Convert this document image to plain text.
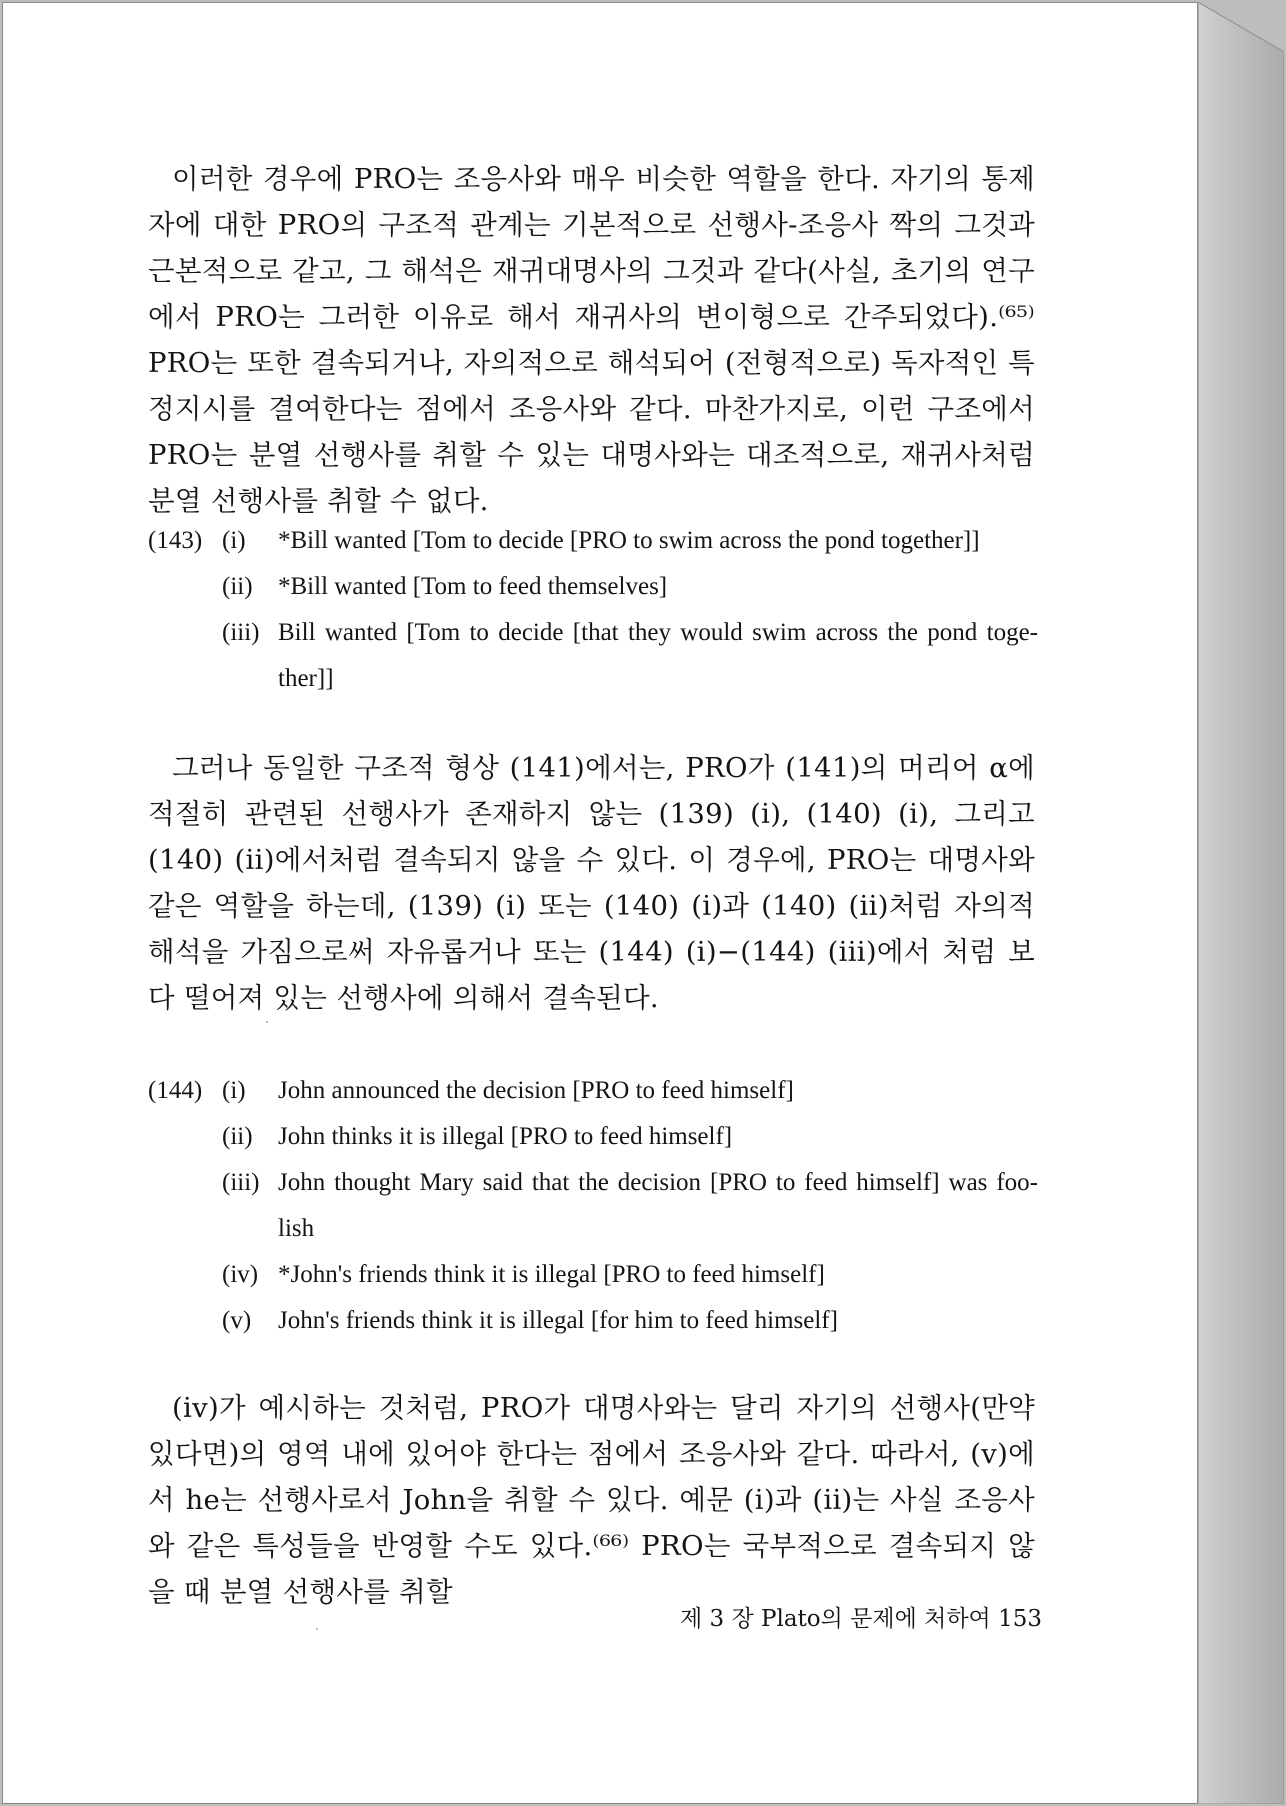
이러한 경우에 PRO는 조응사와 매우 비슷한 역할을 한다. 자기의 통제자에 대한 PRO의 구조적 관계는 기본적으로 선행사-조응사 짝의 그것과 근본적으로 같고, 그 해석은 재귀대명사의 그것과 같다(사실, 초기의 연구에서 PRO는 그러한 이유로 해서 재귀사의 변이형으로 간주되었다).⁽⁶⁵⁾ PRO는 또한 결속되거나, 자의적으로 해석되어 (전형적으로) 독자적인 특정지시를 결여한다는 점에서 조응사와 같다. 마찬가지로, 이런 구조에서 PRO는 분열 선행사를 취할 수 있는 대명사와는 대조적으로, 재귀사처럼 분열 선행사를 취할 수 없다.

(143) (i)	*Bill wanted [Tom to decide [PRO to swim across the pond together]]
(ii)	*Bill wanted [Tom to feed themselves]
(iii) Bill wanted [Tom to decide [that they would swim across the pond toge-ther]]

그러나 동일한 구조적 형상 (141)에서는, PRO가 (141)의 머리어 α에 적절히 관련된 선행사가 존재하지 않는 (139) (i), (140) (i), 그리고 (140) (ii)에서처럼 결속되지 않을 수 있다. 이 경우에, PRO는 대명사와 같은 역할을 하는데, (139) (i) 또는 (140) (i)과 (140) (ii)처럼 자의적 해석을 가짐으로써 자유롭거나 또는 (144) (i)−(144) (iii)에서 처럼 보다 떨어져 있는 선행사에 의해서 결속된다.

(144) (i)	John announced the decision [PRO to feed himself]
(ii)	John thinks it is illegal [PRO to feed himself]
(iii) John thought Mary said that the decision [PRO to feed himself] was foo-lish
(iv) *John's friends think it is illegal [PRO to feed himself]
(v)	John's friends think it is illegal [for him to feed himself]

(iv)가 예시하는 것처럼, PRO가 대명사와는 달리 자기의 선행사(만약 있다면)의 영역 내에 있어야 한다는 점에서 조응사와 같다. 따라서, (v)에서 he는 선행사로서 John을 취할 수 있다. 예문 (i)과 (ii)는 사실 조응사와 같은 특성들을 반영할 수도 있다.⁽⁶⁶⁾ PRO는 국부적으로 결속되지 않을 때 분열 선행사를 취할

제 3 장 Plato의 문제에 처하여 153
